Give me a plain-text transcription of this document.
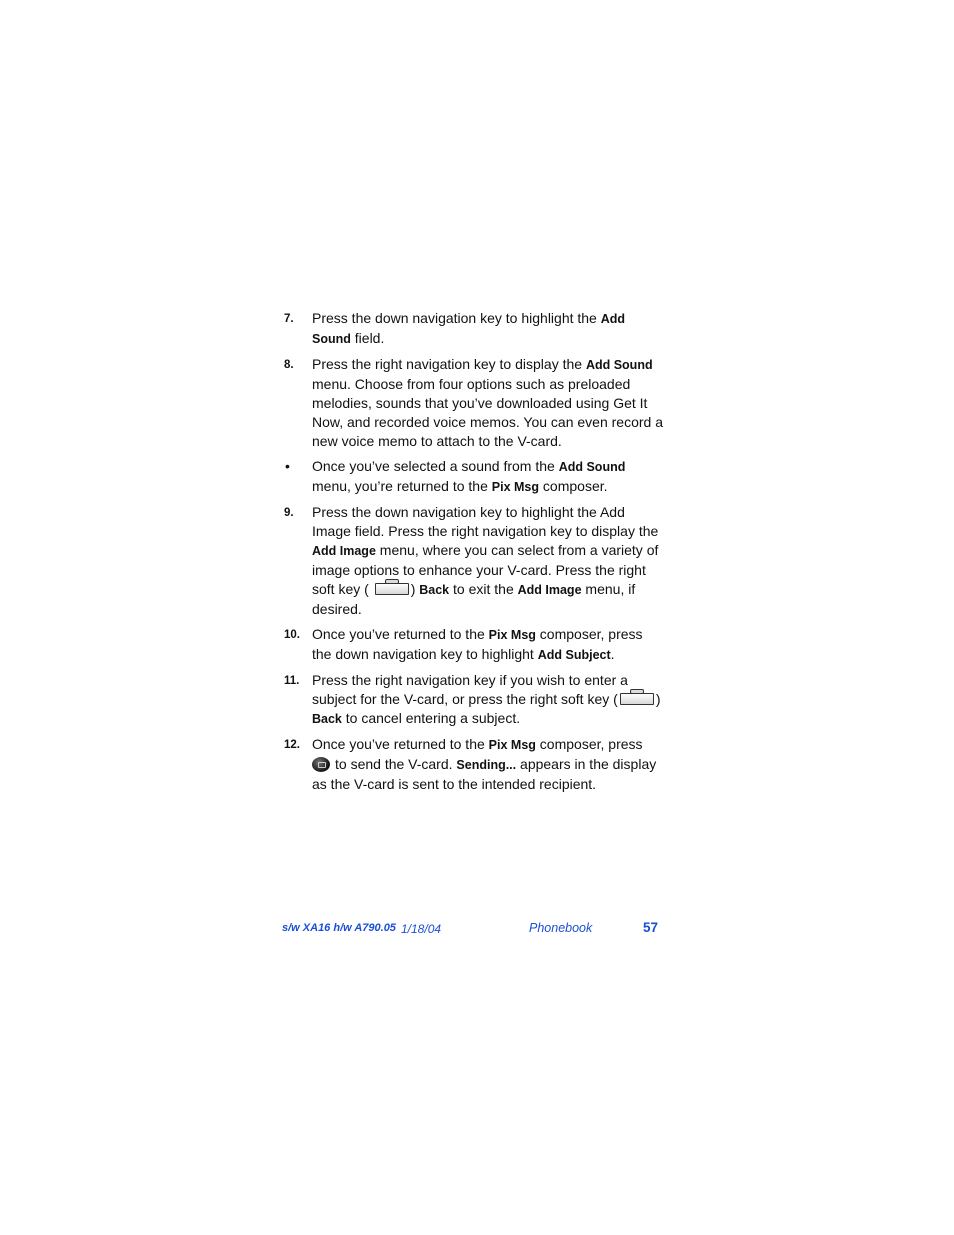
7. Press the down navigation key to highlight the Add Sound field.
8. Press the right navigation key to display the Add Sound menu. Choose from four options such as preloaded melodies, sounds that you’ve downloaded using Get It Now, and recorded voice memos. You can even record a new voice memo to attach to the V-card.
• Once you’ve selected a sound from the Add Sound menu, you’re returned to the Pix Msg composer.
9. Press the down navigation key to highlight the Add Image field. Press the right navigation key to display the Add Image menu, where you can select from a variety of image options to enhance your V-card. Press the right soft key (	) Back to exit the Add Image menu, if desired.
10. Once you’ve returned to the Pix Msg composer, press the down navigation key to highlight Add Subject.
11. Press the right navigation key if you wish to enter a subject for the V-card, or press the right soft key (	) Back to cancel entering a subject.
12. Once you’ve returned to the Pix Msg composer, press to send the V-card. Sending... appears in the display as the V-card is sent to the intended recipient.
s/w XA16 h/w A790.05 1/18/04	Phonebook	57
